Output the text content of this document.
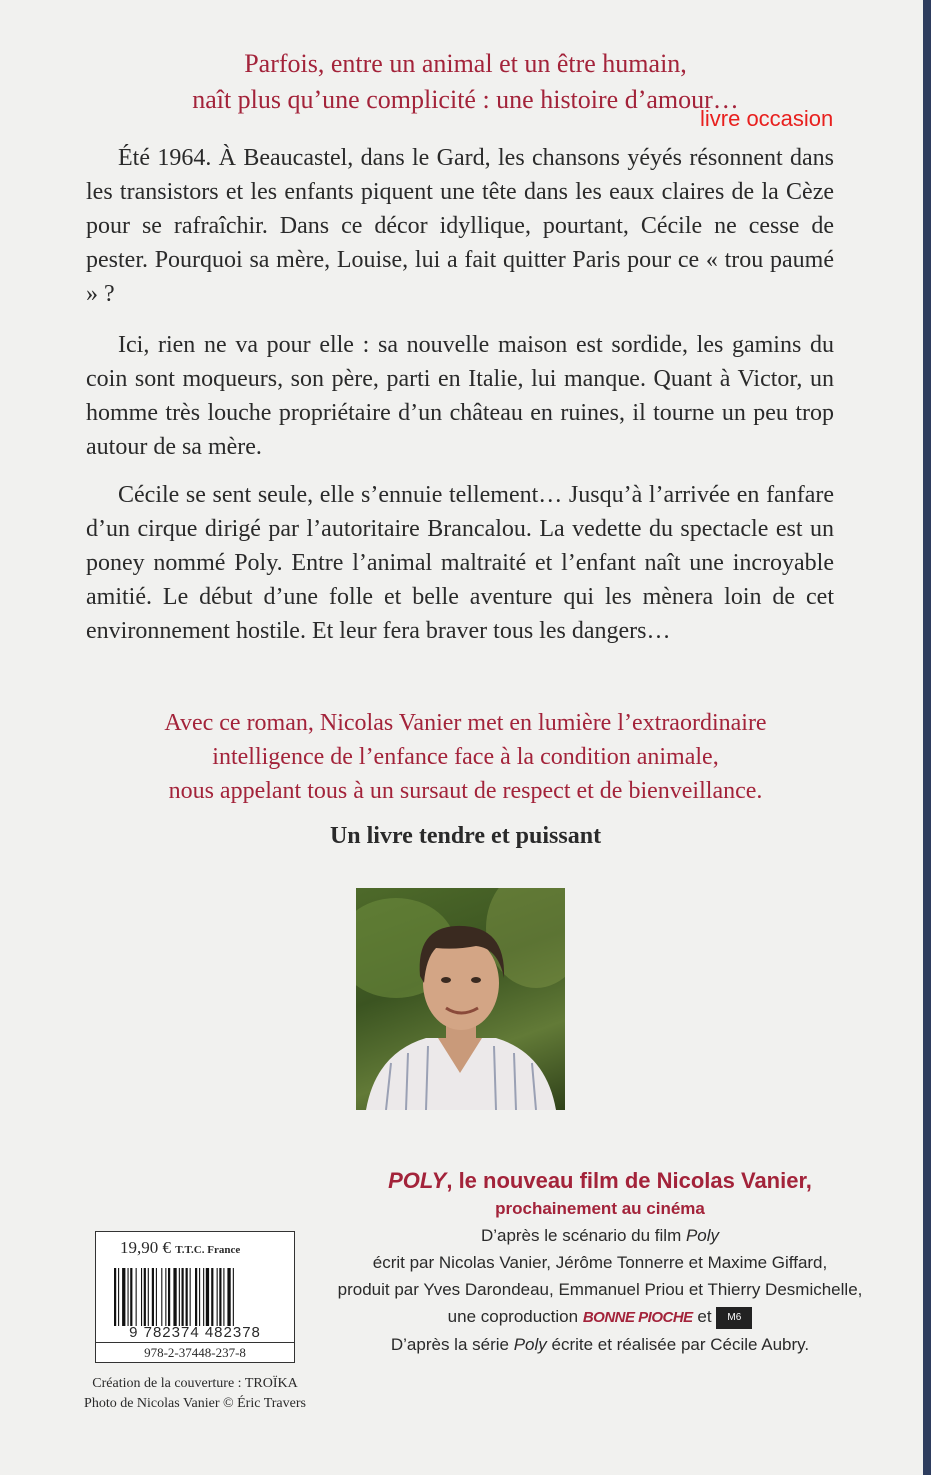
Parfois, entre un animal et un être humain,
naît plus qu’une complicité : une histoire d’amour…
livre occasion
Été 1964. À Beaucastel, dans le Gard, les chansons yéyés résonnent dans les transistors et les enfants piquent une tête dans les eaux claires de la Cèze pour se rafraîchir. Dans ce décor idyllique, pourtant, Cécile ne cesse de pester. Pourquoi sa mère, Louise, lui a fait quitter Paris pour ce « trou paumé » ?
Ici, rien ne va pour elle : sa nouvelle maison est sordide, les gamins du coin sont moqueurs, son père, parti en Italie, lui manque. Quant à Victor, un homme très louche propriétaire d’un château en ruines, il tourne un peu trop autour de sa mère.
Cécile se sent seule, elle s’ennuie tellement… Jusqu’à l’arrivée en fanfare d’un cirque dirigé par l’autoritaire Brancalou. La vedette du spectacle est un poney nommé Poly. Entre l’animal maltraité et l’enfant naît une incroyable amitié. Le début d’une folle et belle aventure qui les mènera loin de cet environnement hostile. Et leur fera braver tous les dangers…
Avec ce roman, Nicolas Vanier met en lumière l’extraordinaire
intelligence de l’enfance face à la condition animale,
nous appelant tous à un sursaut de respect et de bienveillance.
Un livre tendre et puissant
POLY, le nouveau film de Nicolas Vanier,
prochainement au cinéma
D’après le scénario du film Poly
écrit par Nicolas Vanier, Jérôme Tonnerre et Maxime Giffard,
produit par Yves Darondeau, Emmanuel Priou et Thierry Desmichelle,
une coproduction BONNE PIOCHE et M6
D’après la série Poly écrite et réalisée par Cécile Aubry.
19,90 € T.T.C. France
9 782374 482378
978-2-37448-237-8
Création de la couverture : TROÏKA
Photo de Nicolas Vanier © Éric Travers
